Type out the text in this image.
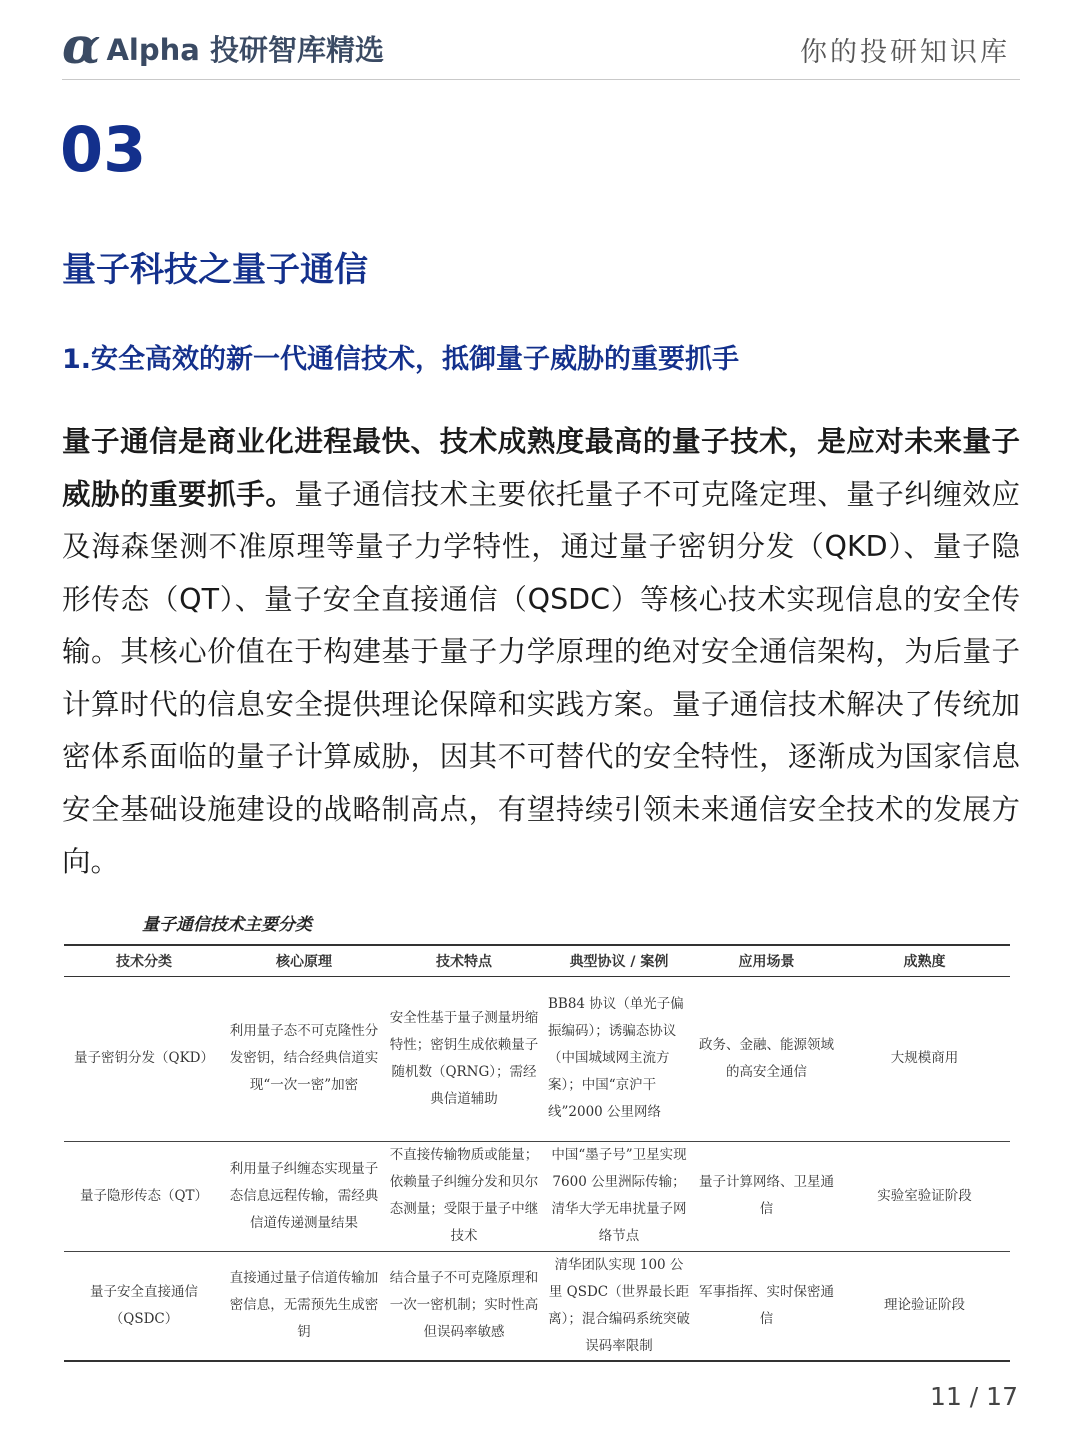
α Alpha 投研智库精选	你的投研知识库
03
量子科技之量子通信
1.安全高效的新一代通信技术，抵御量子威胁的重要抓手
量子通信是商业化进程最快、技术成熟度最高的量子技术，是应对未来量子威胁的重要抓手。量子通信技术主要依托量子不可克隆定理、量子纠缠效应及海森堡测不准原理等量子力学特性，通过量子密钥分发（QKD）、量子隐形传态（QT）、量子安全直接通信（QSDC）等核心技术实现信息的安全传输。其核心价值在于构建基于量子力学原理的绝对安全通信架构，为后量子计算时代的信息安全提供理论保障和实践方案。量子通信技术解决了传统加密体系面临的量子计算威胁，因其不可替代的安全特性，逐渐成为国家信息安全基础设施建设的战略制高点，有望持续引领未来通信安全技术的发展方向。
量子通信技术主要分类
技术分类	核心原理	技术特点	典型协议 / 案例	应用场景	成熟度
量子密钥分发（QKD）	利用量子态不可克隆性分发密钥，结合经典信道实现“一次一密”加密	安全性基于量子测量坍缩特性；密钥生成依赖量子随机数（QRNG）；需经典信道辅助	BB84 协议（单光子偏振编码）；诱骗态协议（中国城域网主流方案）；中国“京沪干线”2000 公里网络	政务、金融、能源领域的高安全通信	大规模商用
量子隐形传态（QT）	利用量子纠缠态实现量子态信息远程传输，需经典信道传递测量结果	不直接传输物质或能量；依赖量子纠缠分发和贝尔态测量；受限于量子中继技术	中国“墨子号”卫星实现 7600 公里洲际传输；清华大学无串扰量子网络节点	量子计算网络、卫星通信	实验室验证阶段
量子安全直接通信（QSDC）	直接通过量子信道传输加密信息，无需预先生成密钥	结合量子不可克隆原理和一次一密机制；实时性高但误码率敏感	清华团队实现 100 公里 QSDC（世界最长距离）；混合编码系统突破误码率限制	军事指挥、实时保密通信	理论验证阶段
11 / 17
